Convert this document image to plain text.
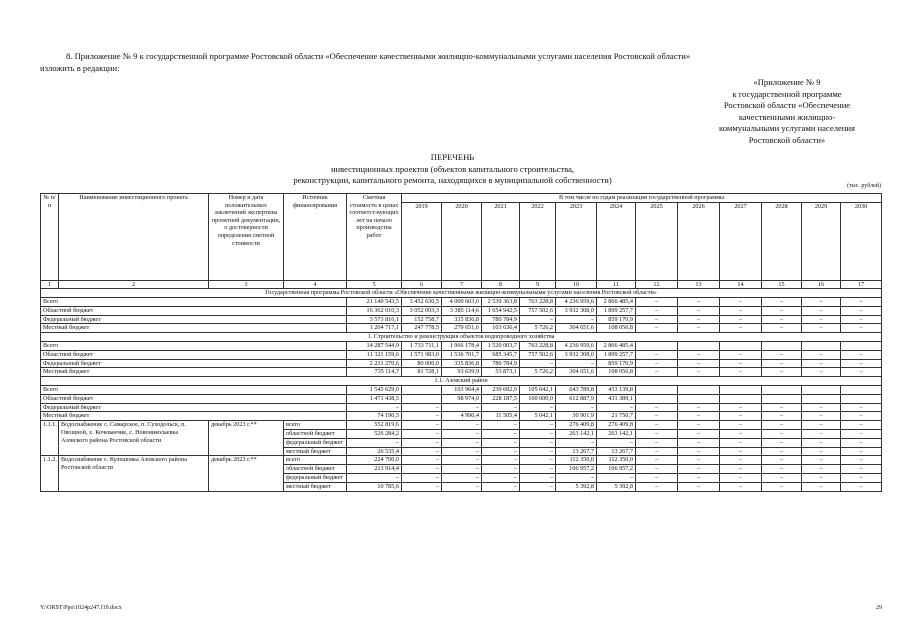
8. Приложение № 9 к государственной программе Ростовской области «Обеспечение качественными жилищно-коммунальными услугами населения Ростовской области»
изложить в редакции:
«Приложение № 9
к государственной программе
Ростовской области «Обеспечение
качественными жилищно-
коммунальными услугами населения
Ростовской области»
ПЕРЕЧЕНЬ
инвестиционных проектов (объектов капитального строительства,
реконструкции, капитального ремонта, находящихся в муниципальной собственности)
(тыс. рублей)
№ п/п	Наименование инвестиционного проекта	Номер и дата положительных заключений экспертизы проектной документации, о достоверности определения сметной стоимости	Источник финансирования	Сметная стоимость в ценах соответст-вующих лет на начало производства работ	В том числе по годам реализации государственной программы											
					2019	2020	2021	2022	2023	2024	2025	2026	2027	2028	2029	2030
1	2	3	4	5	6	7	8	9	10	11	12	13	14	15	16	17
Государственная программа Ростовской области «Обеспечение качественными жилищно-коммунальными услугами населения Ростовской области»																
Всего				21 140 543,5	3 452 630,5	4 000 603,0	2 539 363,8	763 228,8	4 236 959,6	2 866 485,4	–	–	–	–	–	–
Областной бюджет				16 362 010,3	3 052 093,3	3 385 114,6	1 654 942,5	757 502,6	3 932 308,0	1 899 257,7	–	–	–	–	–	–
Федеральный бюджет				3 573 816,1	152 758,7	335 836,8	780 784,9	–	–	859 170,9	–	–	–	–	–	–
Местный бюджет				1 204 717,1	247 778,5	279 651,6	103 636,4	5 726,2	304 651,6	108 056,8	–	–	–	–	–	–
1. Строительство и реконструкция объектов водопроводного хозяйства																
Всего				14 287 544,9	1 733 711,1	1 966 178,4	1 520 003,7	763 228,8	4 236 959,6	2 866 485,4						
Областной бюджет				11 321 159,6	1 571 983,0	1 536 701,7	685 345,7	757 502,6	3 932 308,0	1 899 257,7	–	–	–	–	–	–
Федеральный бюджет				2 231 270,6	80 000,0	335 836,8	780 784,9	–	–	859 170,9	–	–	–	–	–	–
Местный бюджет				735 114,7	81 728,1	93 639,9	53 873,1	5 726,2	304 651,6	108 056,8	–	–	–	–	–	–
1.1. Азовский район																
Всего				1 545 629,0		103 964,4	239 692,9	105 042,1	643 789,8	453 139,8						
Областной бюджет				1 471 438,5		98 974,0	228 187,5	100 000,0	612 887,9	431 389,1						
Федеральный бюджет				–	–	–	–	–	–	–	–	–	–	–	–	–
Местный бюджет				74 190,5	–	4 990,4	11 505,4	5 042,1	30 901,9	21 750,7	–	–	–	–	–	–
1.1.1.	Водоснабжение с. Самарское, п. Суходольск, п. Овощной, х. Кочеванчик, с. Новониколаевка Азовского района Ростовской области	декабрь 2023 г.**	всего	552 819,6	–	–	–	–	276 409,8	276 409,8	–	–	–	–	–	–
			областной бюджет	526 284,2	–	–	–	–	263 142,1	263 142,1	–	–	–	–	–	–
			федеральный бюджет	–	–	–	–	–	–	–	–	–	–	–	–	–
			местный бюджет	26 535,4	–	–	–	–	13 267,7	13 267,7	–	–	–	–	–	–
1.1.2.	Водоснабжение с. Кулешовка Азовского района Ростовской области	декабрь 2023 г.**	всего	224 700,0	–	–	–	–	112 350,0	112 350,0	–	–	–	–	–	–
			областной бюджет	213 914,4	–	–	–	–	106 957,2	106 957,2	–	–	–	–	–	–
			федеральный бюджет	–	–	–	–	–	–	–	–	–	–	–	–	–
			местный бюджет	10 785,6	–	–	–	–	5 392,8	5 392,8	–	–	–	–	–	–
Y:\ORST\Ppo\1024p247.f19.docx	29
